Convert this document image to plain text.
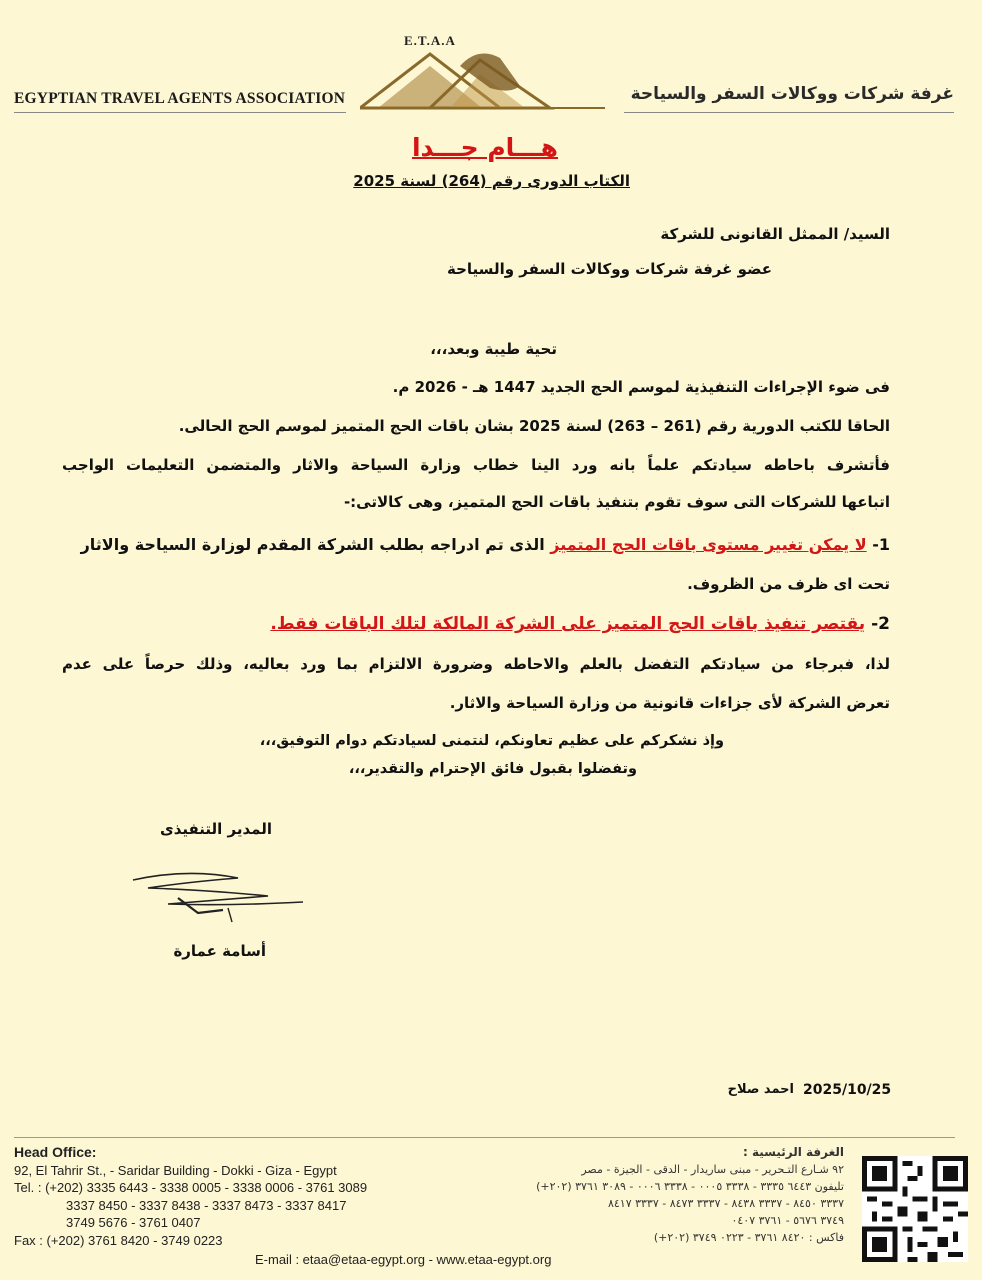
E.T.A.A
EGYPTIAN TRAVEL AGENTS ASSOCIATION	غرفة شركات ووكالات السفر والسياحة
هـــام جـــدا
الكتاب الدورى رقم (264) لسنة 2025
السيد/ الممثل القانونى للشركة
عضو غرفة شركات ووكالات السفر والسياحة
تحية طيبة وبعد،،،
فى ضوء الإجراءات التنفيذية لموسم الحج الجديد 1447 هـ - 2026 م.
الحاقا للكتب الدورية رقم (261 – 263) لسنة 2025 بشان باقات الحج المتميز لموسم الحج الحالى.
فأتشرف باحاطه سيادتكم علماً بانه ورد الينا خطاب وزارة السياحة والاثار والمتضمن التعليمات الواجب
اتباعها للشركات التى سوف تقوم بتنفيذ باقات الحج المتميز، وهى كالاتى:-
1- لا يمكن تغيير مستوى باقات الحج المتميز الذى تم ادراجه بطلب الشركة المقدم لوزارة السياحة والاثار
تحت اى ظرف من الظروف.
2- يقتصر تنفيذ باقات الحج المتميز على الشركة المالكة لتلك الباقات فقط.
لذا، فبرجاء من سيادتكم التفضل بالعلم والاحاطه وضرورة الالتزام بما ورد بعاليه، وذلك حرصاً على عدم
تعرض الشركة لأى جزاءات قانونية من وزارة السياحة والاثار.
وإذ نشكركم على عظيم تعاونكم، لنتمنى لسيادتكم دوام التوفيق،،،
وتفضلوا بقبول فائق الإحترام والتقدير،،،
المدير التنفيذى
أسامة عمارة
2025/10/25
احمد صلاح
Head Office:
92, El Tahrir St., - Saridar Building - Dokki - Giza - Egypt
Tel. : (+202) 3335 6443 - 3338 0005 - 3338 0006 - 3761 3089
3337 8450 - 3337 8438 - 3337 8473 - 3337 8417
3749 5676 - 3761 0407
Fax : (+202) 3761 8420 - 3749 0223
E-mail : etaa@etaa-egypt.org - www.etaa-egypt.org
الغرفة الرئيسية :
٩٢ شـارع التـحرير - مبنى ساريدار - الدقى - الجيزة - مصر
تليفون ٦٤٤٣ ٣٣٣٥ - ٣٣٣٨ ٠٠٠٥ - ٣٣٣٨ ٠٠٠٦ - ٣٠٨٩ ٣٧٦١ (٢٠٢+)
٣٣٣٧ ٨٤٥٠ - ٣٣٣٧ ٨٤٣٨ - ٣٣٣٧ ٨٤٧٣ - ٣٣٣٧ ٨٤١٧
٣٧٤٩ ٥٦٧٦ - ٣٧٦١ ٠٤٠٧
فاكس : ٨٤٢٠ ٣٧٦١ - ٠٢٢٣ ٣٧٤٩ (٢٠٢+)
